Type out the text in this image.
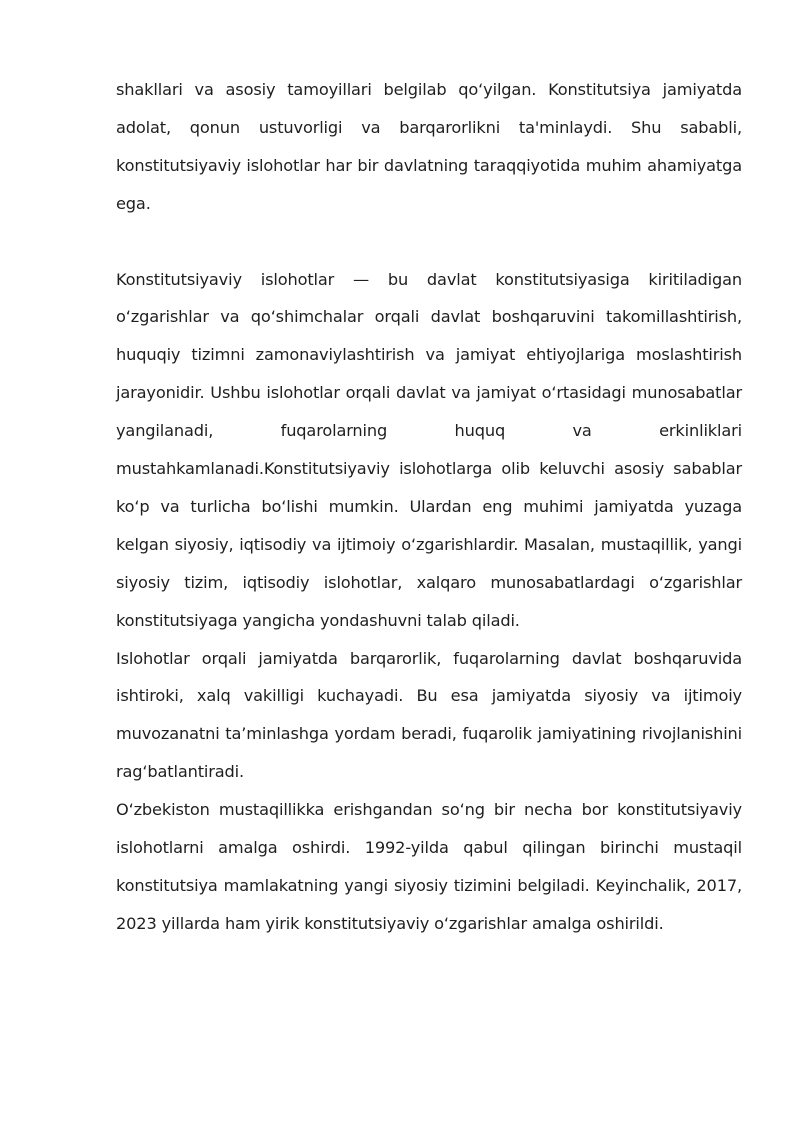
shakllari va asosiy tamoyillari belgilab qo‘yilgan. Konstitutsiya jamiyatda adolat, qonun ustuvorligi va barqarorlikni ta'minlaydi. Shu sababli, konstitutsiyaviy islohotlar har bir davlatning taraqqiyotida muhim ahamiyatga ega.

Konstitutsiyaviy islohotlar — bu davlat konstitutsiyasiga kiritiladigan o‘zgarishlar va qo‘shimchalar orqali davlat boshqaruvini takomillashtirish, huquqiy tizimni zamonaviylashtirish va jamiyat ehtiyojlariga moslashtirish jarayonidir. Ushbu islohotlar orqali davlat va jamiyat o‘rtasidagi munosabatlar yangilanadi, fuqarolarning huquq va erkinliklari mustahkamlanadi.Konstitutsiyaviy islohotlarga olib keluvchi asosiy sabablar ko‘p va turlicha bo‘lishi mumkin. Ulardan eng muhimi jamiyatda yuzaga kelgan siyosiy, iqtisodiy va ijtimoiy o‘zgarishlardir. Masalan, mustaqillik, yangi siyosiy tizim, iqtisodiy islohotlar, xalqaro munosabatlardagi o‘zgarishlar konstitutsiyaga yangicha yondashuvni talab qiladi.

Islohotlar orqali jamiyatda barqarorlik, fuqarolarning davlat boshqaruvida ishtiroki, xalq vakilligi kuchayadi. Bu esa jamiyatda siyosiy va ijtimoiy muvozanatni ta’minlashga yordam beradi, fuqarolik jamiyatining rivojlanishini rag‘batlantiradi.

O‘zbekiston mustaqillikka erishgandan so‘ng bir necha bor konstitutsiyaviy islohotlarni amalga oshirdi. 1992-yilda qabul qilingan birinchi mustaqil konstitutsiya mamlakatning yangi siyosiy tizimini belgiladi. Keyinchalik, 2017, 2023 yillarda ham yirik konstitutsiyaviy o‘zgarishlar amalga oshirildi.
